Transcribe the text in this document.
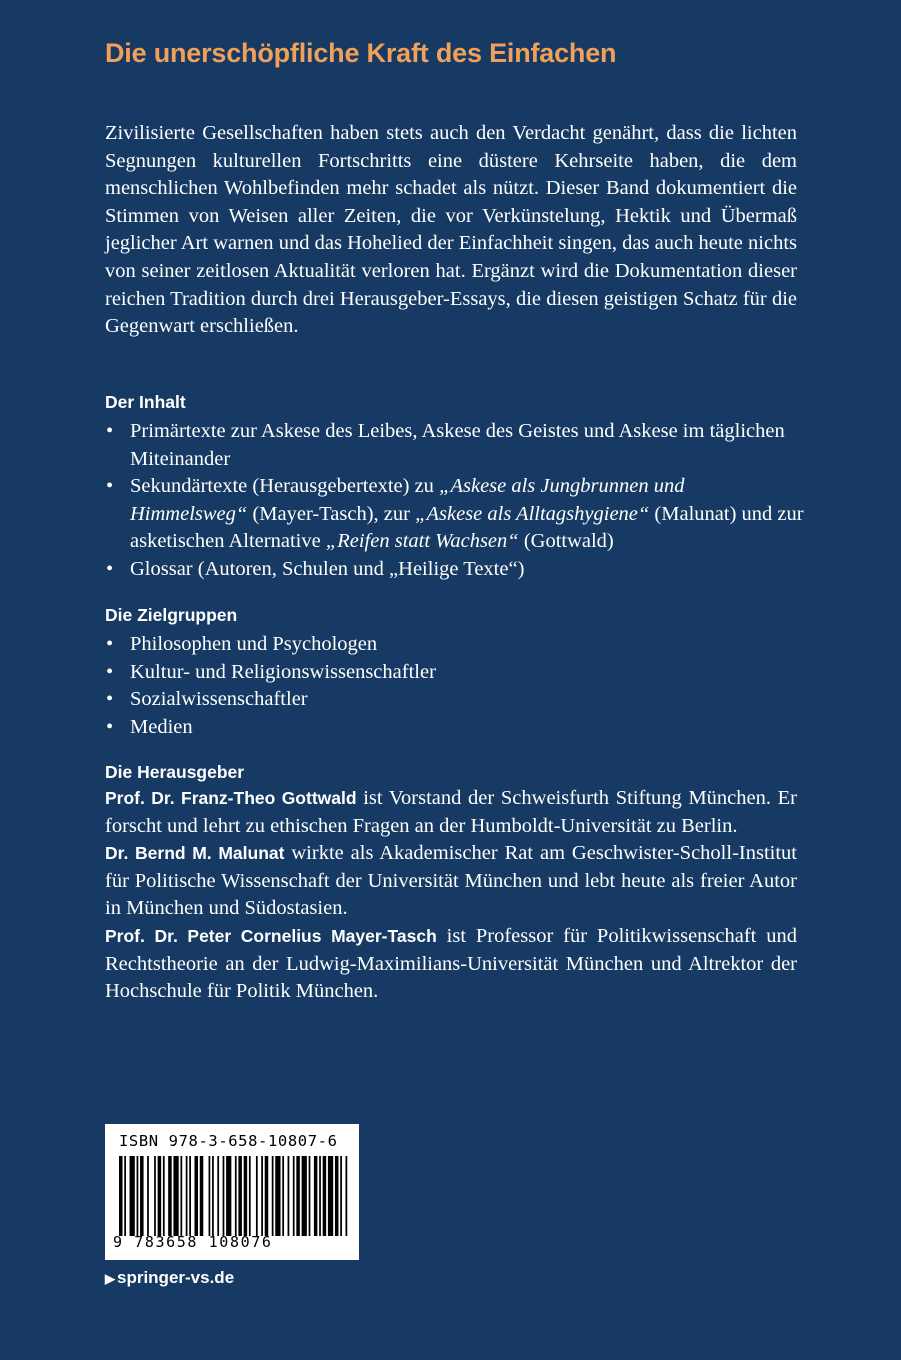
Die unerschöpfliche Kraft des Einfachen

Zivilisierte Gesellschaften haben stets auch den Verdacht genährt, dass die lichten Segnungen kulturellen Fortschritts eine düstere Kehrseite haben, die dem menschlichen Wohlbefinden mehr schadet als nützt. Dieser Band dokumentiert die Stimmen von Weisen aller Zeiten, die vor Verkünstelung, Hektik und Übermaß jeglicher Art warnen und das Hohelied der Einfachheit singen, das auch heute nichts von seiner zeitlosen Aktualität verloren hat. Ergänzt wird die Dokumentation dieser reichen Tradition durch drei Herausgeber-Essays, die diesen geistigen Schatz für die Gegenwart erschließen.

Der Inhalt
• Primärtexte zur Askese des Leibes, Askese des Geistes und Askese im täglichen Miteinander
• Sekundärtexte (Herausgebertexte) zu „Askese als Jungbrunnen und Himmelsweg“ (Mayer-Tasch), zur „Askese als Alltagshygiene“ (Malunat) und zur asketischen Alternative „Reifen statt Wachsen“ (Gottwald)
• Glossar (Autoren, Schulen und „Heilige Texte“)
Die Zielgruppen
• Philosophen und Psychologen
• Kultur- und Religionswissenschaftler
• Sozialwissenschaftler
• Medien
Die Herausgeber

Prof. Dr. Franz-Theo Gottwald ist Vorstand der Schweisfurth Stiftung München. Er forscht und lehrt zu ethischen Fragen an der Humboldt-Universität zu Berlin.

Dr. Bernd M. Malunat wirkte als Akademischer Rat am Geschwister-Scholl-Institut für Politische Wissenschaft der Universität München und lebt heute als freier Autor in München und Südostasien.

Prof. Dr. Peter Cornelius Mayer-Tasch ist Professor für Politikwissenschaft und Rechtstheorie an der Ludwig-Maximilians-Universität München und Altrektor der Hochschule für Politik München.

ISBN 978-3-658-10807-6
9 783658 108076
▶ springer-vs.de
